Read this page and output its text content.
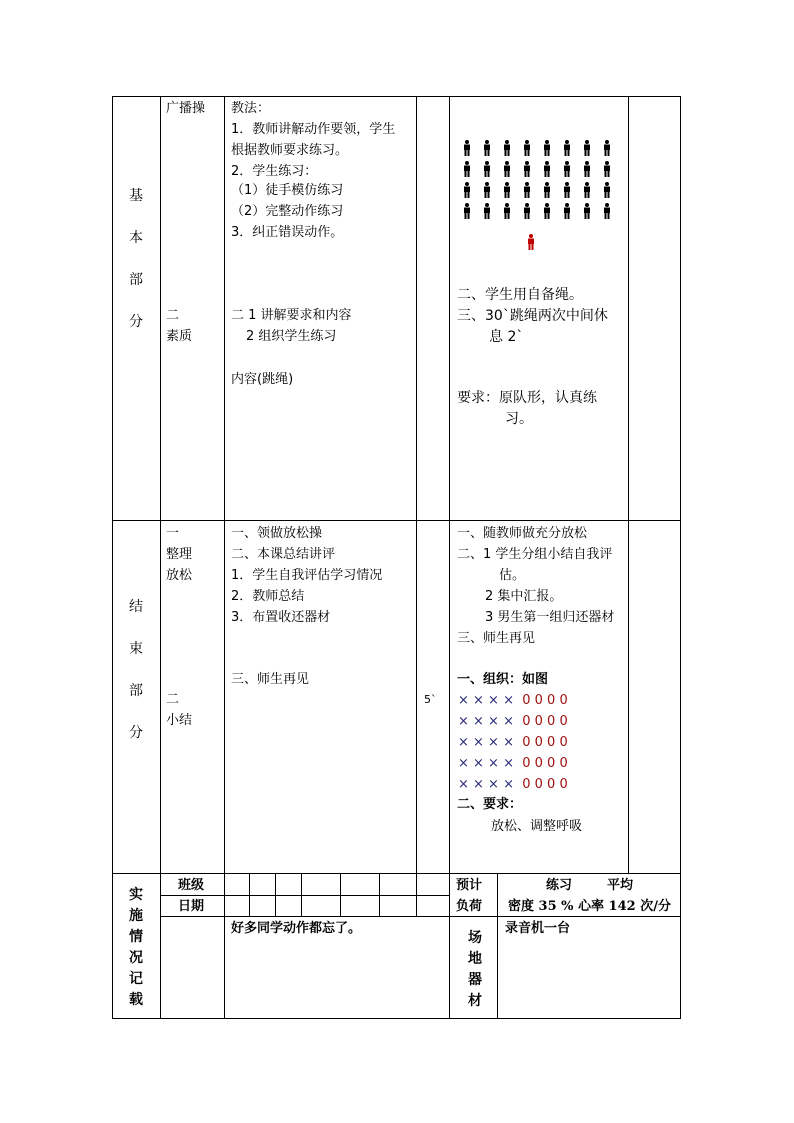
基
本
部
分
广播操
二
素质
教法：
1．教师讲解动作要领，学生
根据教师要求练习。
2．学生练习：
（1）徒手模仿练习
（2）完整动作练习
3．纠正错误动作。
二 1 讲解要求和内容
2 组织学生练习
内容(跳绳)
二、学生用自备绳。
三、30`跳绳两次中间休
息 2`
要求：原队形，认真练
习。
结
束
部
分
一
整理
放松
二
小结
一、领做放松操
二、本课总结讲评
1．学生自我评估学习情况
2．教师总结
3．布置收还器材
三、师生再见
5`
一、随教师做充分放松
二、1 学生分组小结自我评
估。
2 集中汇报。
3 男生第一组归还器材
三、师生再见
一、组织：如图
× × × × 0 0 0 0
× × × × 0 0 0 0
× × × × 0 0 0 0
× × × × 0 0 0 0
× × × × 0 0 0 0
二、要求：
放松、调整呼吸
实
施
情
况
记
载
班级
日期
好多同学动作都忘了。
预计
负荷
练习	平均
密度 35 % 心率 142 次/分
场
地
器
材
录音机一台
